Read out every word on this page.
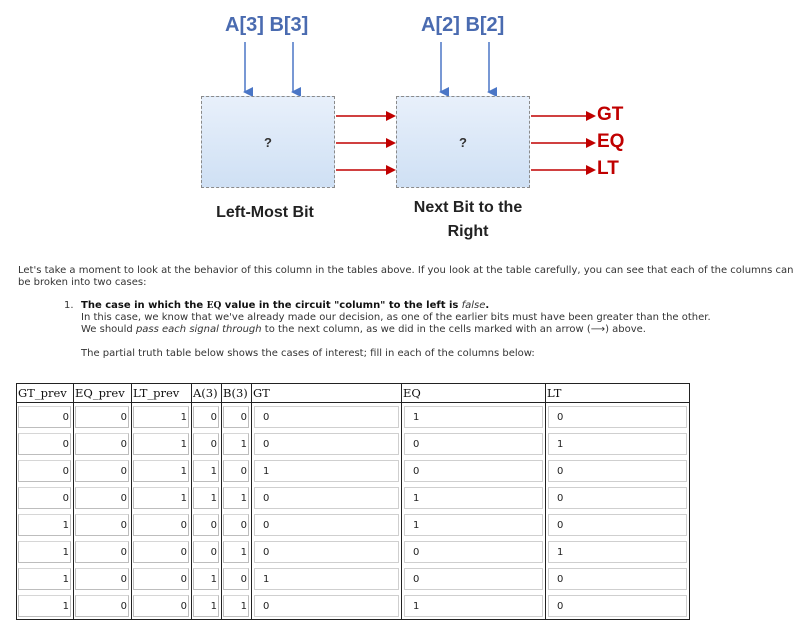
A[3] B[3]	A[2] B[2]
?	?
Left-Most Bit	Next Bit to the Right
GT
EQ
LT
Let's take a moment to look at the behavior of this column in the tables above. If you look at the table carefully, you can see that each of the columns can be broken into two cases:
1. The case in which the EQ value in the circuit "column" to the left is false.
In this case, we know that we've already made our decision, as one of the earlier bits must have been greater than the other.
We should pass each signal through to the next column, as we did in the cells marked with an arrow (⟶) above.
The partial truth table below shows the cases of interest; fill in each of the columns below:
GT_prev	EQ_prev	LT_prev	A(3)	B(3)	GT	EQ	LT

0	0	1	0	0	0	1	0

0	0	1	0	1	0	0	1

0	0	1	1	0	1	0	0

0	0	1	1	1	0	1	0

1	0	0	0	0	0	1	0

1	0	0	0	1	0	0	1

1	0	0	1	0	1	0	0

1	0	0	1	1	0	1	0
